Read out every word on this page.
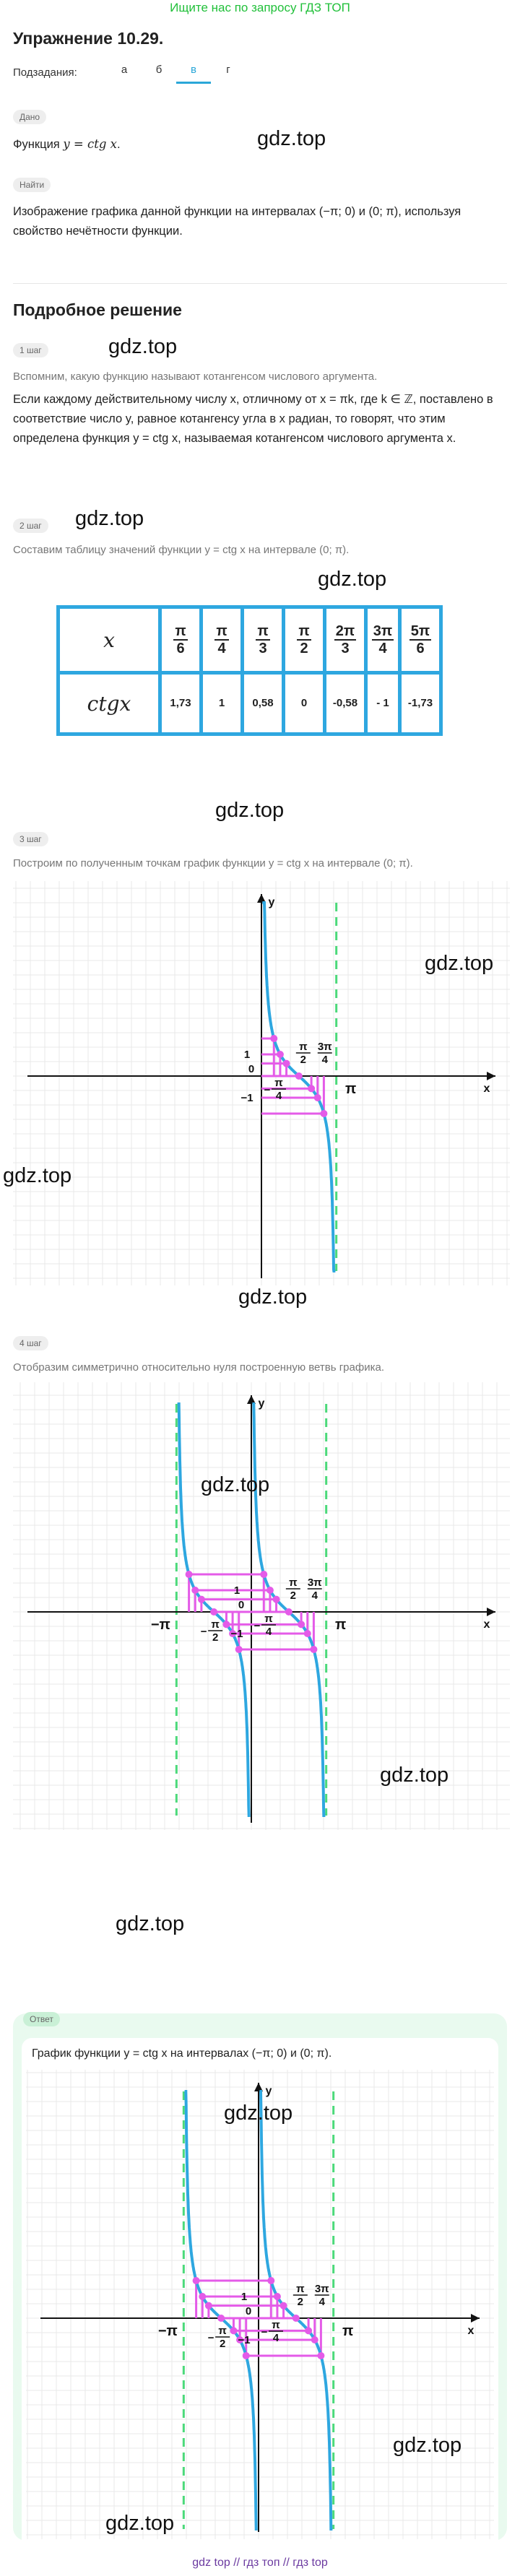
Ищите нас по запросу ГДЗ ТОП
Упражнение 10.29.
Подзадания:	а	б	в	г
Дано
Функция y = ctg x.	gdz.top
Найти
Изображение графика данной функции на интервалах (−π; 0) и (0; π), используя свойство нечётности функции.
Подробное решение
1 шаг	gdz.top
Вспомним, какую функцию называют котангенсом числового аргумента.
Если каждому действительному числу x, отличному от x = πk, где k ∈ ℤ, поставлено в соответствие число y, равное котангенсу угла в x радиан, то говорят, что этим определена функция y = ctg x, называемая котангенсом числового аргумента x.
2 шаг	gdz.top
Составим таблицу значений функции y = ctg x на интервале (0; π).
gdz.top
x	$\frac{\pi}{6}$	$\frac{\pi}{4}$	$\frac{\pi}{3}$	$\frac{\pi}{2}$	$\frac{2\pi}{3}$	$\frac{3\pi}{4}$	$\frac{5\pi}{6}$

ctgx	1,73	1	0,58	0	-0,58	- 1	-1,73
gdz.top
3 шаг
Построим по полученным точкам график функции y = ctg x на интервале (0; π).
x
y
1
−1
0
π
π
2
3π
4
π
4
−
gdz.top
gdz.top
gdz.top
4 шаг
Отобразим симметрично относительно нуля построенную ветвь графика.
x
y
1
−1
0
π
π
2
3π
4
π
4
−
−π	π
2
−
gdz.top
gdz.top
gdz.top
Ответ
График функции y = ctg x на интервалах (−π; 0) и (0; π).
x
y
1
−1
0
π
π
2
3π
4
π
4
−
−π	π
2
−
gdz.top
gdz.top
gdz.top
gdz top // гдз топ // гдз top
